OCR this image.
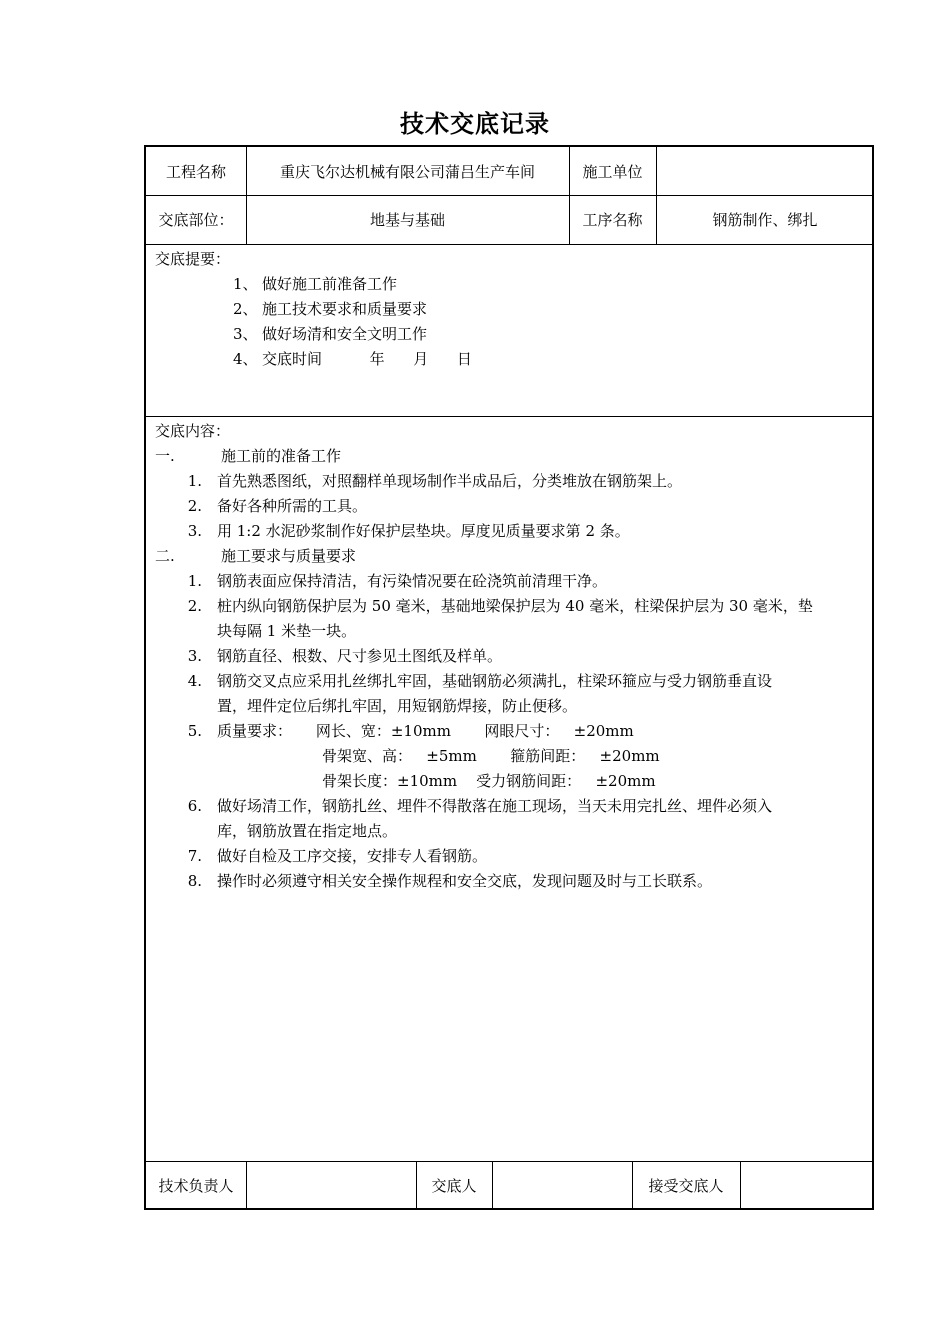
技术交底记录
工程名称	重庆飞尔达机械有限公司蒲吕生产车间	施工单位
交底部位：	地基与基础	工序名称	钢筋制作、绑扎
交底提要：
1、 做好施工前准备工作
2、 施工技术要求和质量要求
3、 做好场清和安全文明工作
4、 交底时间          年      月      日
交底内容：
一.	施工前的准备工作
1. 首先熟悉图纸，对照翻样单现场制作半成品后，分类堆放在钢筋架上。
2. 备好各种所需的工具。
3. 用 1:2 水泥砂浆制作好保护层垫块。厚度见质量要求第 2 条。
二.	施工要求与质量要求
1. 钢筋表面应保持清洁，有污染情况要在砼浇筑前清理干净。
2. 桩内纵向钢筋保护层为 50 毫米，基础地梁保护层为 40 毫米，柱梁保护层为 30 毫米，垫
块每隔 1 米垫一块。
3. 钢筋直径、根数、尺寸参见土图纸及样单。
4. 钢筋交叉点应采用扎丝绑扎牢固，基础钢筋必须满扎，柱梁环箍应与受力钢筋垂直设
置，埋件定位后绑扎牢固，用短钢筋焊接，防止便移。
5. 质量要求：     网长、宽：±10mm       网眼尺寸：   ±20mm
骨架宽、高：   ±5mm       箍筋间距：   ±20mm
骨架长度：±10mm    受力钢筋间距：   ±20mm
6. 做好场清工作，钢筋扎丝、埋件不得散落在施工现场，当天未用完扎丝、埋件必须入
库，钢筋放置在指定地点。
7. 做好自检及工序交接，安排专人看钢筋。
8. 操作时必须遵守相关安全操作规程和安全交底，发现问题及时与工长联系。
技术负责人	交底人	接受交底人
